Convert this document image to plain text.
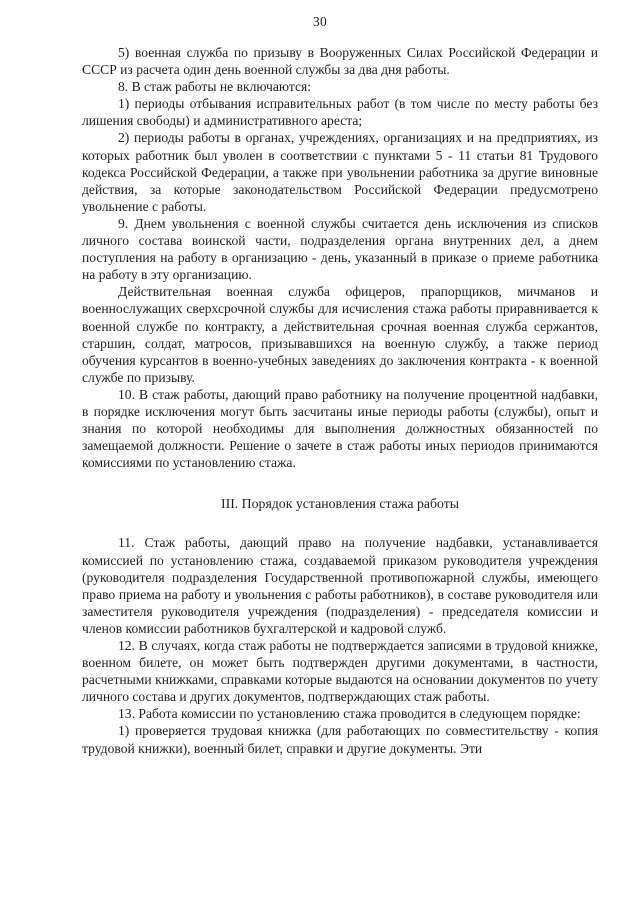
30

5) военная служба по призыву в Вооруженных Силах Российской Федерации и СССР из расчета один день военной службы за два дня работы.

8. В стаж работы не включаются:

1) периоды отбывания исправительных работ (в том числе по месту работы без лишения свободы) и административного ареста;

2) периоды работы в органах, учреждениях, организациях и на предприятиях, из которых работник был уволен в соответствии с пунктами 5 - 11 статьи 81 Трудового кодекса Российской Федерации, а также при увольнении работника за другие виновные действия, за которые законодательством Российской Федерации предусмотрено увольнение с работы.

9. Днем увольнения с военной службы считается день исключения из списков личного состава воинской части, подразделения органа внутренних дел, а днем поступления на работу в организацию - день, указанный в приказе о приеме работника на работу в эту организацию.

Действительная военная служба офицеров, прапорщиков, мичманов и военнослужащих сверхсрочной службы для исчисления стажа работы приравнивается к военной службе по контракту, а действительная срочная военная служба сержантов, старшин, солдат, матросов, призывавшихся на военную службу, а также период обучения курсантов в военно-учебных заведениях до заключения контракта - к военной службе по призыву.

10. В стаж работы, дающий право работнику на получение процентной надбавки, в порядке исключения могут быть засчитаны иные периоды работы (службы), опыт и знания по которой необходимы для выполнения должностных обязанностей по замещаемой должности. Решение о зачете в стаж работы иных периодов принимаются комиссиями по установлению стажа.

III. Порядок установления стажа работы

11. Стаж работы, дающий право на получение надбавки, устанавливается комиссией по установлению стажа, создаваемой приказом руководителя учреждения (руководителя подразделения Государственной противопожарной службы, имеющего право приема на работу и увольнения с работы работников), в составе руководителя или заместителя руководителя учреждения (подразделения) - председателя комиссии и членов комиссии работников бухгалтерской и кадровой служб.

12. В случаях, когда стаж работы не подтверждается записями в трудовой книжке, военном билете, он может быть подтвержден другими документами, в частности, расчетными книжками, справками которые выдаются на основании документов по учету личного состава и других документов, подтверждающих стаж работы.

13. Работа комиссии по установлению стажа проводится в следующем порядке:

1) проверяется трудовая книжка (для работающих по совместительству - копия трудовой книжки), военный билет, справки и другие документы. Эти
